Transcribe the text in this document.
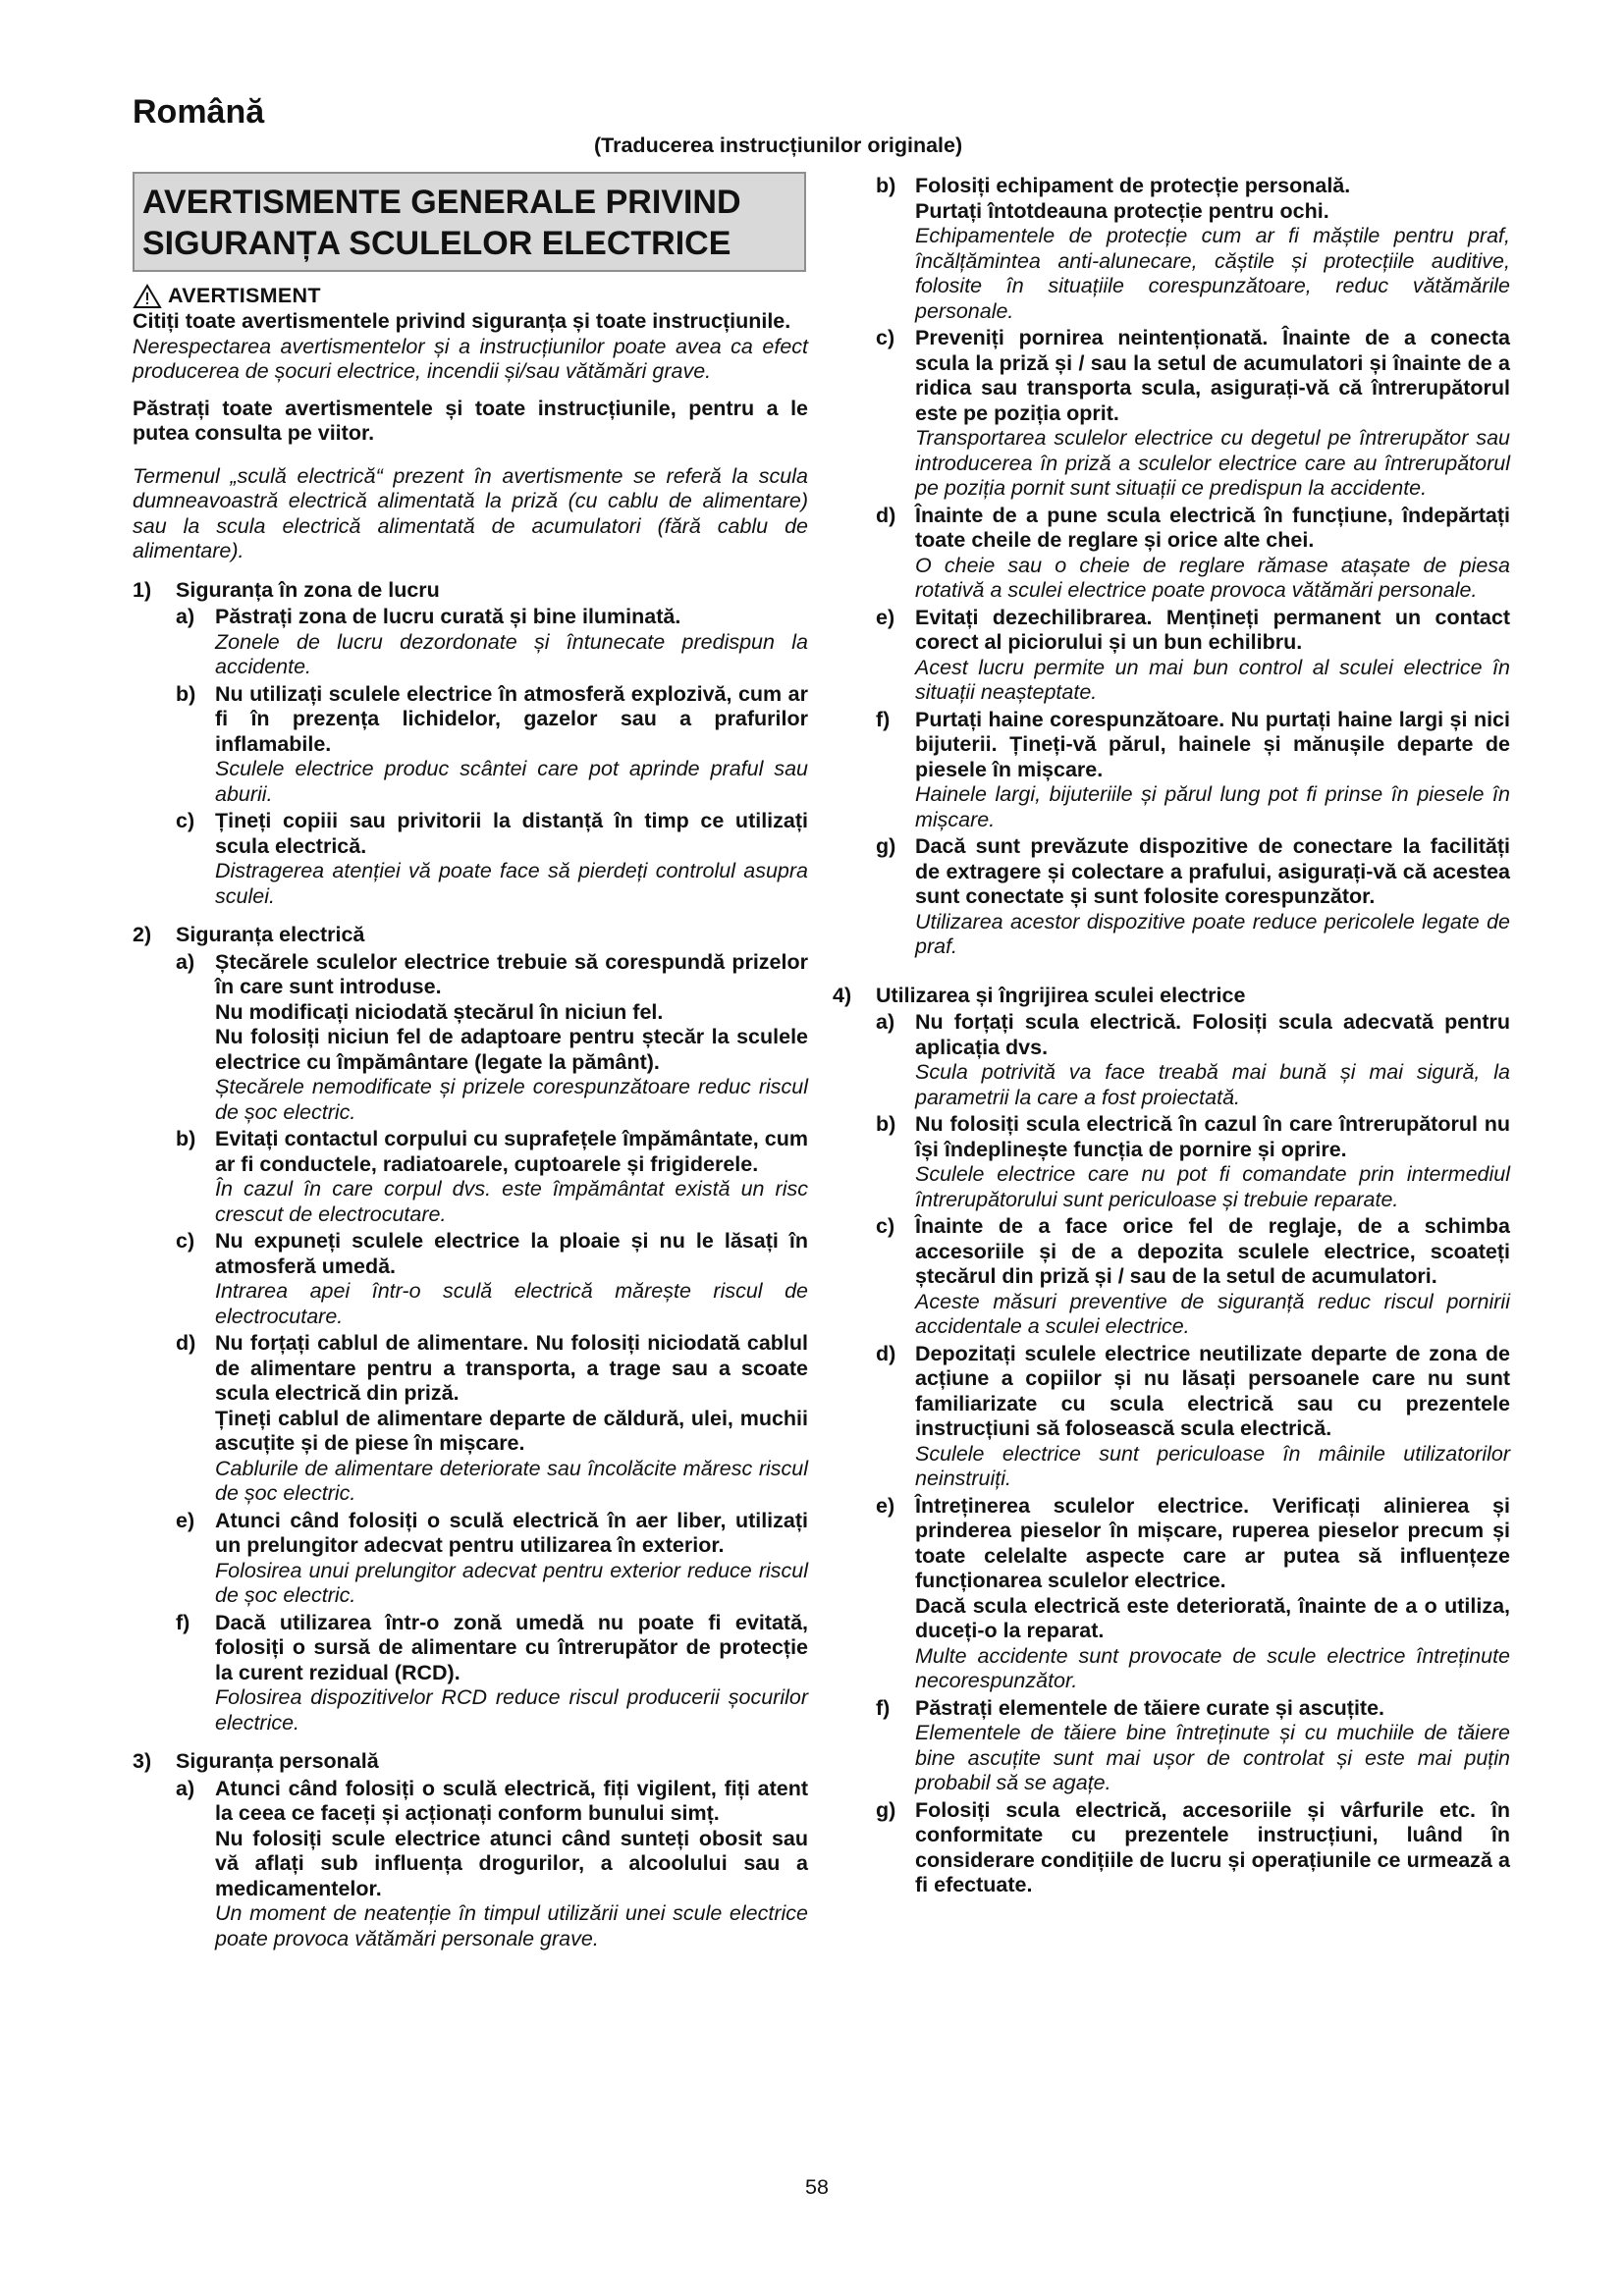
Română

(Traducerea instrucțiunilor originale)

AVERTISMENTE GENERALE PRIVIND SIGURANȚA SCULELOR ELECTRICE
AVERTISMENT

Citiți toate avertismentele privind siguranța și toate instrucțiunile.

Nerespectarea avertismentelor și a instrucțiunilor poate avea ca efect producerea de șocuri electrice, incendii și/sau vătămări grave.

Păstrați toate avertismentele și toate instrucțiunile, pentru a le putea consulta pe viitor.

Termenul „sculă electrică“ prezent în avertismente se referă la scula dumneavoastră electrică alimentată la priză (cu cablu de alimentare) sau la scula electrică alimentată de acumulatori (fără cablu de alimentare).

1)	Siguranța în zona de lucru
a) Păstrați zona de lucru curată și bine iluminată.

Zonele de lucru dezordonate și întunecate predispun la accidente.

b) Nu utilizați sculele electrice în atmosferă explozivă, cum ar fi în prezența lichidelor, gazelor sau a prafurilor inflamabile.

Sculele electrice produc scântei care pot aprinde praful sau aburii.

c) Țineți copiii sau privitorii la distanță în timp ce utilizați scula electrică.

Distragerea atenției vă poate face să pierdeți controlul asupra sculei.

2)	Siguranța electrică
a) Ștecărele sculelor electrice trebuie să corespundă prizelor în care sunt introduse.

Nu modificați niciodată ștecărul în niciun fel.

Nu folosiți niciun fel de adaptoare pentru ștecăr la sculele electrice cu împământare (legate la pământ).

Ștecărele nemodificate și prizele corespunzătoare reduc riscul de șoc electric.

b) Evitați contactul corpului cu suprafețele împământate, cum ar fi conductele, radiatoarele, cuptoarele și frigiderele.

În cazul în care corpul dvs. este împământat există un risc crescut de electrocutare.

c) Nu expuneți sculele electrice la ploaie și nu le lăsați în atmosferă umedă.

Intrarea apei într-o sculă electrică mărește riscul de electrocutare.

d) Nu forțați cablul de alimentare. Nu folosiți niciodată cablul de alimentare pentru a transporta, a trage sau a scoate scula electrică din priză.

Țineți cablul de alimentare departe de căldură, ulei, muchii ascuțite și de piese în mișcare.

Cablurile de alimentare deteriorate sau încolăcite măresc riscul de șoc electric.

e) Atunci când folosiți o sculă electrică în aer liber, utilizați un prelungitor adecvat pentru utilizarea în exterior.

Folosirea unui prelungitor adecvat pentru exterior reduce riscul de șoc electric.

f)	Dacă utilizarea într-o zonă umedă nu poate fi evitată, folosiți o sursă de alimentare cu întrerupător de protecție la curent rezidual (RCD).

Folosirea dispozitivelor RCD reduce riscul producerii șocurilor electrice.

3)	Siguranța personală
a) Atunci când folosiți o sculă electrică, fiți vigilent, fiți atent la ceea ce faceți și acționați conform bunului simț.

Nu folosiți scule electrice atunci când sunteți obosit sau vă aflați sub influența drogurilor, a alcoolului sau a medicamentelor.

Un moment de neatenție în timpul utilizării unei scule electrice poate provoca vătămări personale grave.

b) Folosiți echipament de protecție personală.

Purtați întotdeauna protecție pentru ochi.

Echipamentele de protecție cum ar fi măștile pentru praf, încălțămintea anti-alunecare, căștile și protecțiile auditive, folosite în situațiile corespunzătoare, reduc vătămările personale.

c) Preveniți pornirea neintenționată. Înainte de a conecta scula la priză și / sau la setul de acumulatori și înainte de a ridica sau transporta scula, asigurați-vă că întrerupătorul este pe poziția oprit.

Transportarea sculelor electrice cu degetul pe întrerupător sau introducerea în priză a sculelor electrice care au întrerupătorul pe poziția pornit sunt situații ce predispun la accidente.

d) Înainte de a pune scula electrică în funcțiune, îndepărtați toate cheile de reglare și orice alte chei.

O cheie sau o cheie de reglare rămase atașate de piesa rotativă a sculei electrice poate provoca vătămări personale.

e) Evitați dezechilibrarea. Mențineți permanent un contact corect al piciorului și un bun echilibru.

Acest lucru permite un mai bun control al sculei electrice în situații neașteptate.

f)	Purtați haine corespunzătoare. Nu purtați haine largi și nici bijuterii. Țineți-vă părul, hainele și mănușile departe de piesele în mișcare.

Hainele largi, bijuteriile și părul lung pot fi prinse în piesele în mișcare.

g) Dacă sunt prevăzute dispozitive de conectare la facilități de extragere și colectare a prafului, asigurați-vă că acestea sunt conectate și sunt folosite corespunzător.

Utilizarea acestor dispozitive poate reduce pericolele legate de praf.

4)	Utilizarea și îngrijirea sculei electrice
a) Nu forțați scula electrică. Folosiți scula adecvată pentru aplicația dvs.

Scula potrivită va face treabă mai bună și mai sigură, la parametrii la care a fost proiectată.

b) Nu folosiți scula electrică în cazul în care întrerupătorul nu își îndeplinește funcția de pornire și oprire.

Sculele electrice care nu pot fi comandate prin intermediul întrerupătorului sunt periculoase și trebuie reparate.

c) Înainte de a face orice fel de reglaje, de a schimba accesoriile și de a depozita sculele electrice, scoateți ștecărul din priză și / sau de la setul de acumulatori.

Aceste măsuri preventive de siguranță reduc riscul pornirii accidentale a sculei electrice.

d) Depozitați sculele electrice neutilizate departe de zona de acțiune a copiilor și nu lăsați persoanele care nu sunt familiarizate cu scula electrică sau cu prezentele instrucțiuni să folosească scula electrică.

Sculele electrice sunt periculoase în mâinile utilizatorilor neinstruiți.

e) Întreținerea sculelor electrice. Verificați alinierea și prinderea pieselor în mișcare, ruperea pieselor precum și toate celelalte aspecte care ar putea să influențeze funcționarea sculelor electrice.

Dacă scula electrică este deteriorată, înainte de a o utiliza, duceți-o la reparat.

Multe accidente sunt provocate de scule electrice întreținute necorespunzător.

f)	Păstrați elementele de tăiere curate și ascuțite.

Elementele de tăiere bine întreținute și cu muchiile de tăiere bine ascuțite sunt mai ușor de controlat și este mai puțin probabil să se agațe.

g) Folosiți scula electrică, accesoriile și vârfurile etc. în conformitate cu prezentele instrucțiuni, luând în considerare condițiile de lucru și operațiunile ce urmează a fi efectuate.

58
